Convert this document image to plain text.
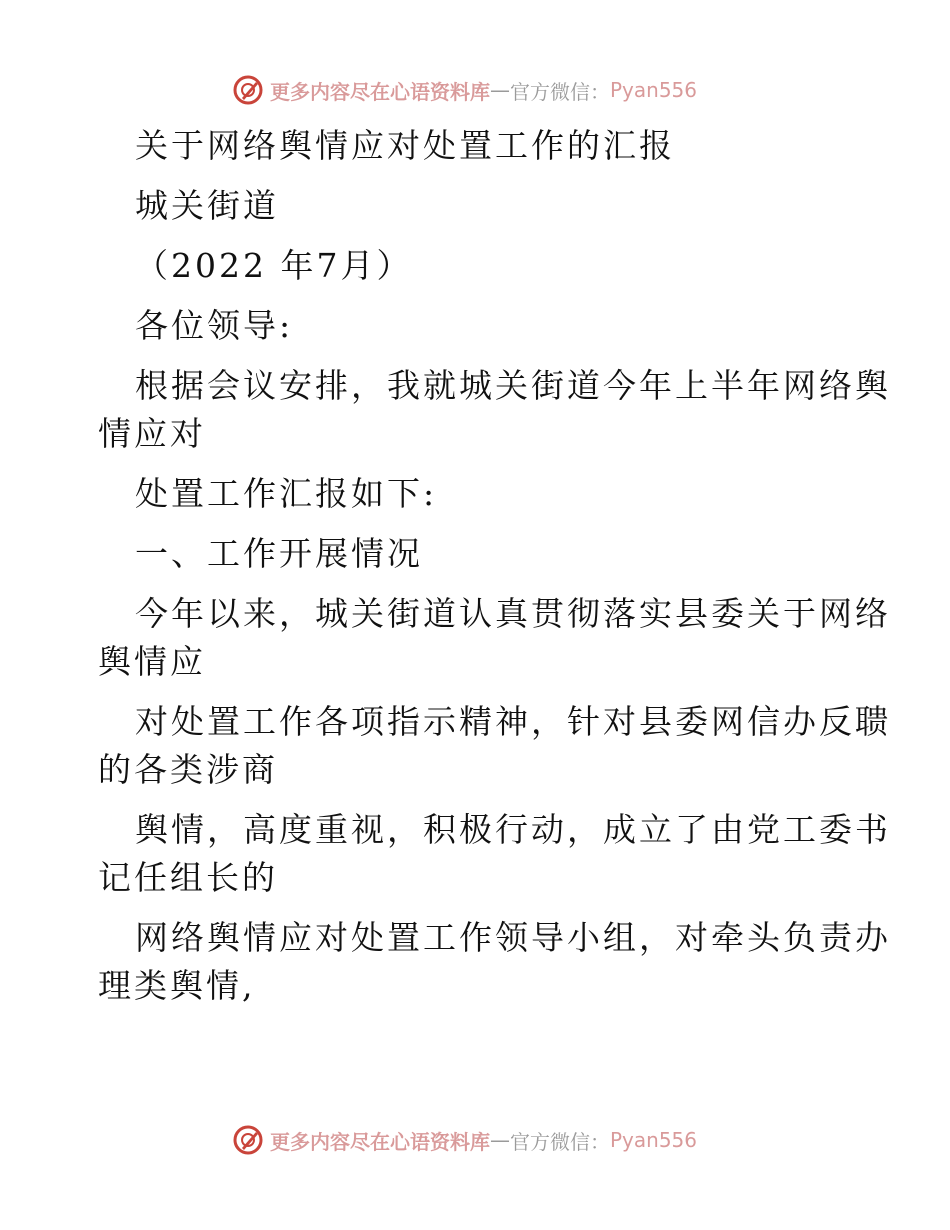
更多内容尽在心语资料库 — 官方微信： Pyan556
关于网络舆情应对处置工作的汇报
城关街道
（2022 年7月）
各位领导:
根据会议安排，我就城关街道今年上半年网络舆
情应对
处置工作汇报如下:
一、工作开展情况
今年以来，城关街道认真贯彻落实县委关于网络
舆情应
对处置工作各项指示精神，针对县委网信办反聩
的各类涉商
舆情，高度重视，积极行动，成立了由党工委书
记任组长的
网络舆情应对处置工作领导小组，对牵头负责办
理类舆情,
更多内容尽在心语资料库 — 官方微信： Pyan556
